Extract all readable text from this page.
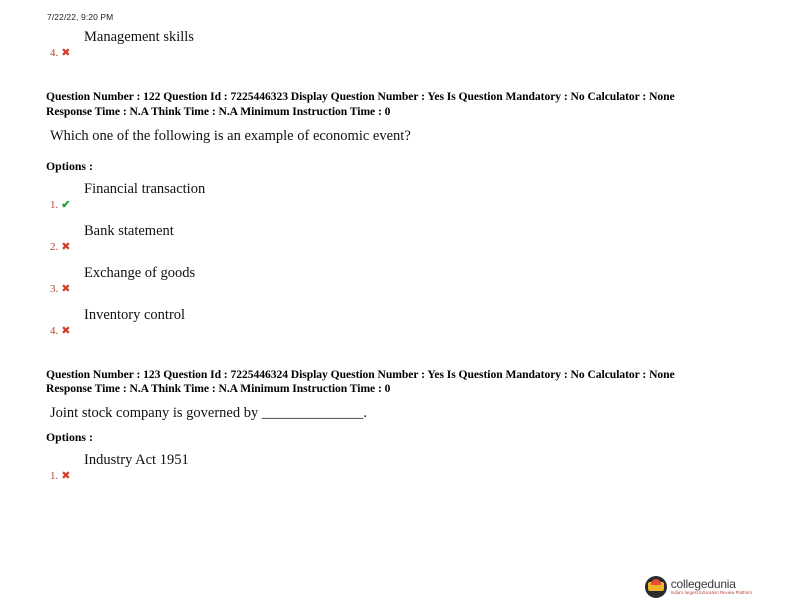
7/22/22, 9:20 PM
Management skills
4. ✖
Question Number : 122 Question Id : 7225446323 Display Question Number : Yes Is Question Mandatory : No Calculator : None
Response Time : N.A Think Time : N.A Minimum Instruction Time : 0
Which one of the following is an example of economic event?
Options :
Financial transaction
1. ✔
Bank statement
2. ✖
Exchange of goods
3. ✖
Inventory control
4. ✖
Question Number : 123 Question Id : 7225446324 Display Question Number : Yes Is Question Mandatory : No Calculator : None
Response Time : N.A Think Time : N.A Minimum Instruction Time : 0
Joint stock company is governed by ______________.
Options :
Industry Act 1951
1. ✖
collegedunia
India's largest Education Review Platform
